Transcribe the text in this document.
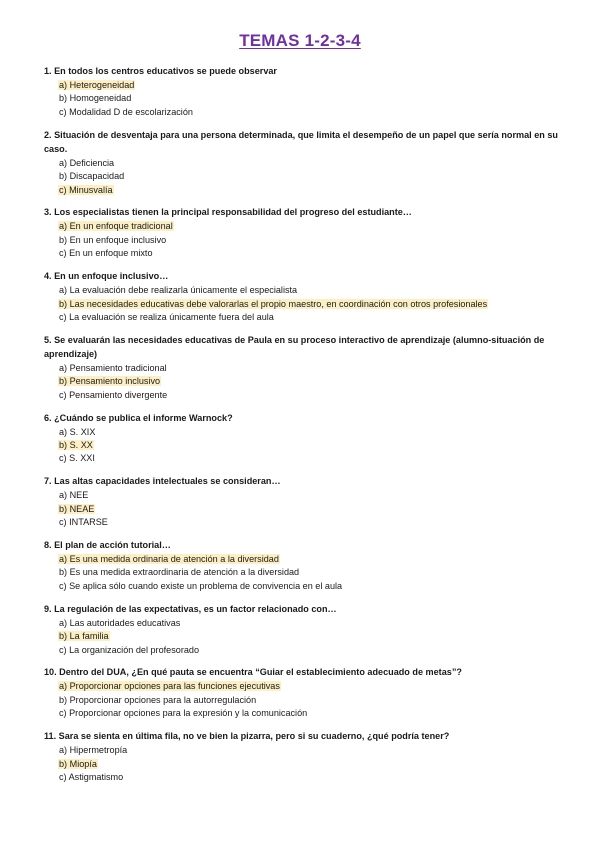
TEMAS 1-2-3-4
1. En todos los centros educativos se puede observar
a) Heterogeneidad
b) Homogeneidad
c) Modalidad D de escolarización
2. Situación de desventaja para una persona determinada, que limita el desempeño de un papel que sería normal en su caso.
a) Deficiencia
b) Discapacidad
c) Minusvalía
3. Los especialistas tienen la principal responsabilidad del progreso del estudiante…
a) En un enfoque tradicional
b) En un enfoque inclusivo
c) En un enfoque mixto
4. En un enfoque inclusivo…
a) La evaluación debe realizarla únicamente el especialista
b) Las necesidades educativas debe valorarlas el propio maestro, en coordinación con otros profesionales
c) La evaluación se realiza únicamente fuera del aula
5. Se evaluarán las necesidades educativas de Paula en su proceso interactivo de aprendizaje (alumno-situación de aprendizaje)
a) Pensamiento tradicional
b) Pensamiento inclusivo
c) Pensamiento divergente
6. ¿Cuándo se publica el informe Warnock?
a) S. XIX
b) S. XX
c) S. XXI
7. Las altas capacidades intelectuales se consideran…
a) NEE
b) NEAE
c) INTARSE
8. El plan de acción tutorial…
a) Es una medida ordinaria de atención a la diversidad
b) Es una medida extraordinaria de atención a la diversidad
c) Se aplica sólo cuando existe un problema de convivencia en el aula
9. La regulación de las expectativas, es un factor relacionado con…
a) Las autoridades educativas
b) La familia
c) La organización del profesorado
10. Dentro del DUA, ¿En qué pauta se encuentra “Guiar el establecimiento adecuado de metas”?
a) Proporcionar opciones para las funciones ejecutivas
b) Proporcionar opciones para la autorregulación
c) Proporcionar opciones para la expresión y la comunicación
11. Sara se sienta en última fila, no ve bien la pizarra, pero si su cuaderno, ¿qué podría tener?
a) Hipermetropía
b) Miopía
c) Astigmatismo
